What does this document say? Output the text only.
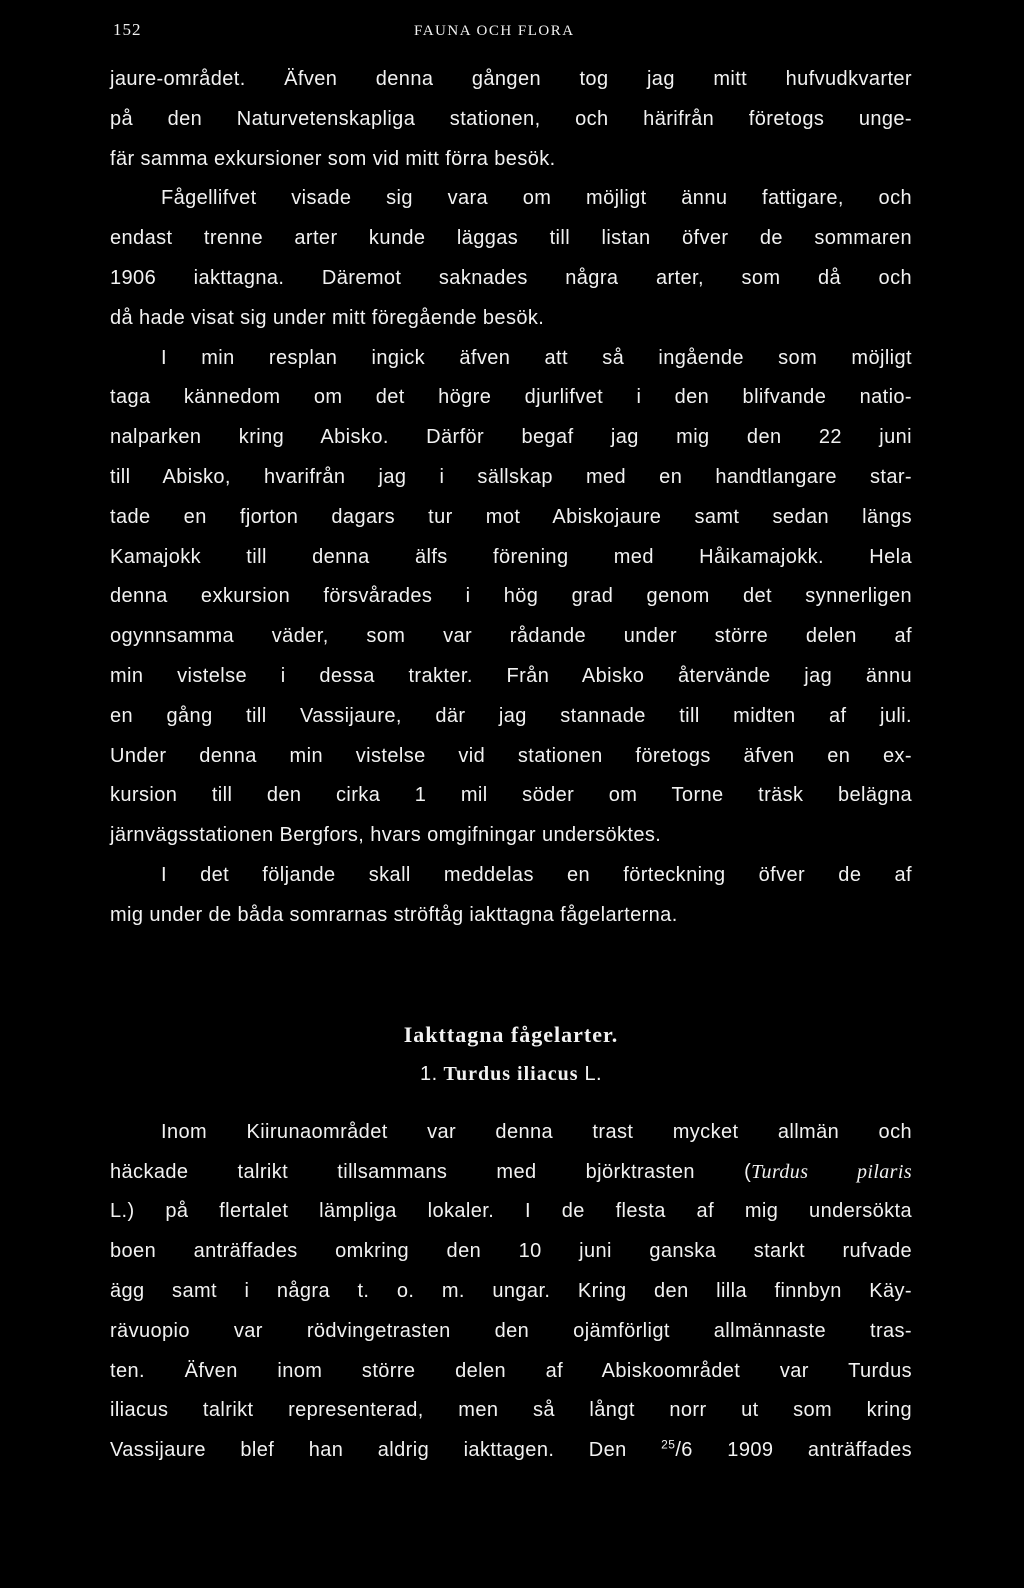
152	FAUNA OCH FLORA
jaure-området. Äfven denna gången tog jag mitt hufvudkvarter
på den Naturvetenskapliga stationen, och härifrån företogs unge-
fär samma exkursioner som vid mitt förra besök.
Fågellifvet visade sig vara om möjligt ännu fattigare, och
endast trenne arter kunde läggas till listan öfver de sommaren
1906 iakttagna. Däremot saknades några arter, som då och
då hade visat sig under mitt föregående besök.
I min resplan ingick äfven att så ingående som möjligt
taga kännedom om det högre djurlifvet i den blifvande natio-
nalparken kring Abisko. Därför begaf jag mig den 22 juni
till Abisko, hvarifrån jag i sällskap med en handtlangare star-
tade en fjorton dagars tur mot Abiskojaure samt sedan längs
Kamajokk till denna älfs förening med Håikamajokk. Hela
denna exkursion försvårades i hög grad genom det synnerligen
ogynnsamma väder, som var rådande under större delen af
min vistelse i dessa trakter. Från Abisko återvände jag ännu
en gång till Vassijaure, där jag stannade till midten af juli.
Under denna min vistelse vid stationen företogs äfven en ex-
kursion till den cirka 1 mil söder om Torne träsk belägna
järnvägsstationen Bergfors, hvars omgifningar undersöktes.
I det följande skall meddelas en förteckning öfver de af
mig under de båda somrarnas ströftåg iakttagna fågelarterna.
Iakttagna fågelarter.
1. Turdus iliacus L.
Inom Kiirunaområdet var denna trast mycket allmän och
häckade talrikt tillsammans med björktrasten (Turdus pilaris
L.) på flertalet lämpliga lokaler. I de flesta af mig undersökta
boen anträffades omkring den 10 juni ganska starkt rufvade
ägg samt i några t. o. m. ungar. Kring den lilla finnbyn Käy-
rävuopio var rödvingetrasten den ojämförligt allmännaste tras-
ten. Äfven inom större delen af Abiskoområdet var Turdus
iliacus talrikt representerad, men så långt norr ut som kring
Vassijaure blef han aldrig iakttagen. Den $^{25}$/6 1909 anträffades
